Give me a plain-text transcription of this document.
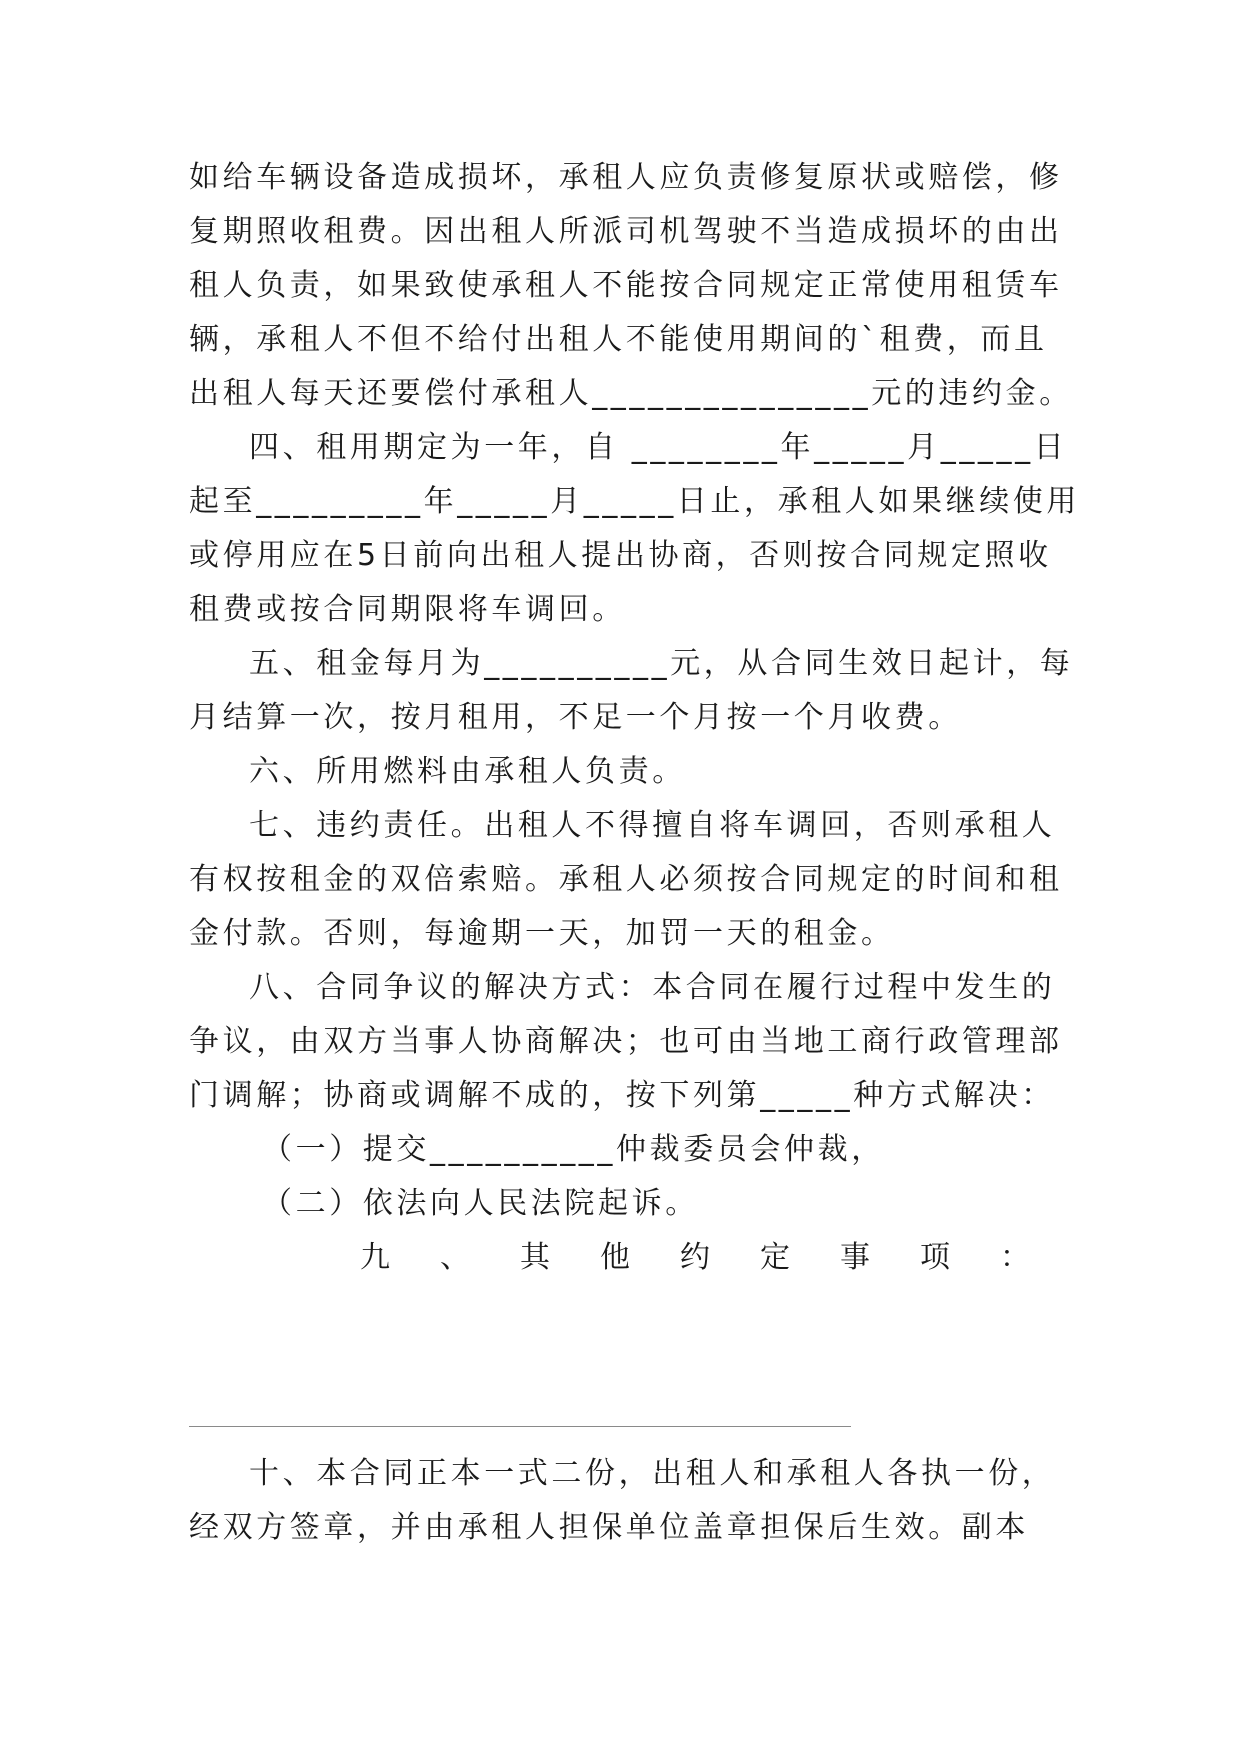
如给车辆设备造成损坏，承租人应负责修复原状或赔偿，修
复期照收租费。因出租人所派司机驾驶不当造成损坏的由出
租人负责，如果致使承租人不能按合同规定正常使用租赁车
辆，承租人不但不给付出租人不能使用期间的`租费，而且
出租人每天还要偿付承租人_______________元的违约金。
四、租用期定为一年，自 ________年_____月_____日
起至_________年_____月_____日止，承租人如果继续使用
或停用应在5日前向出租人提出协商，否则按合同规定照收
租费或按合同期限将车调回。
五、租金每月为__________元，从合同生效日起计，每
月结算一次，按月租用，不足一个月按一个月收费。
六、所用燃料由承租人负责。
七、违约责任。出租人不得擅自将车调回，否则承租人
有权按租金的双倍索赔。承租人必须按合同规定的时间和租
金付款。否则，每逾期一天，加罚一天的租金。
八、合同争议的解决方式：本合同在履行过程中发生的
争议，由双方当事人协商解决；也可由当地工商行政管理部
门调解；协商或调解不成的，按下列第_____种方式解决：
（一）提交__________仲裁委员会仲裁，
（二）依法向人民法院起诉。
九 、 其 他 约 定 事 项 ：
十、本合同正本一式二份，出租人和承租人各执一份，
经双方签章，并由承租人担保单位盖章担保后生效。副本
